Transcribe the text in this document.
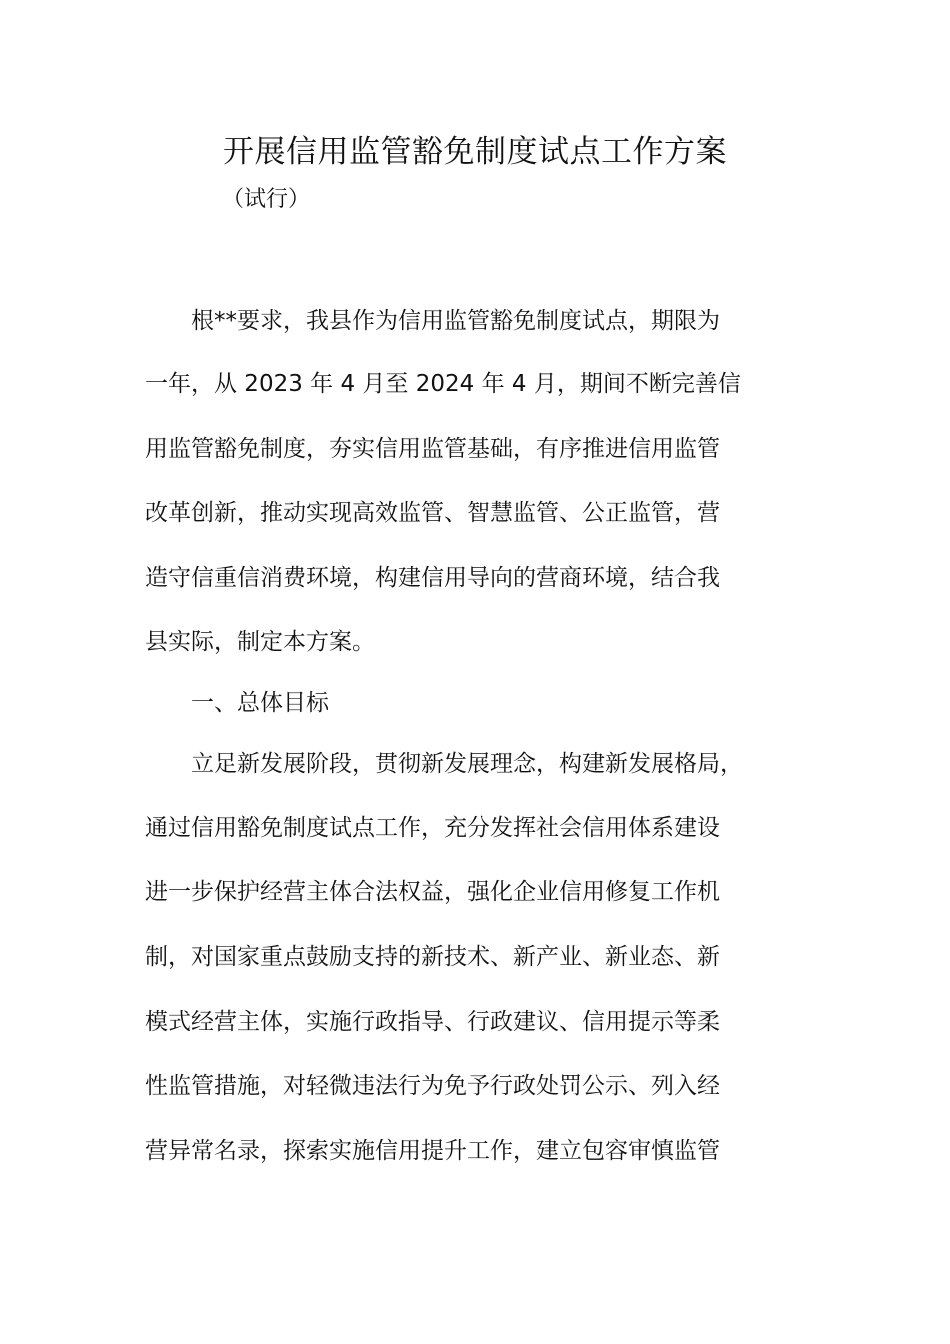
开展信用监管豁免制度试点工作方案
（试行）

　　根**要求，我县作为信用监管豁免制度试点，期限为

一年，从 2023 年 4 月至 2024 年 4 月，期间不断完善信

用监管豁免制度，夯实信用监管基础，有序推进信用监管

改革创新，推动实现高效监管、智慧监管、公正监管，营

造守信重信消费环境，构建信用导向的营商环境，结合我

县实际，制定本方案。

　　一、总体目标

　　立足新发展阶段，贯彻新发展理念，构建新发展格局，

通过信用豁免制度试点工作，充分发挥社会信用体系建设

进一步保护经营主体合法权益，强化企业信用修复工作机

制，对国家重点鼓励支持的新技术、新产业、新业态、新

模式经营主体，实施行政指导、行政建议、信用提示等柔

性监管措施，对轻微违法行为免予行政处罚公示、列入经

营异常名录，探索实施信用提升工作，建立包容审慎监管
